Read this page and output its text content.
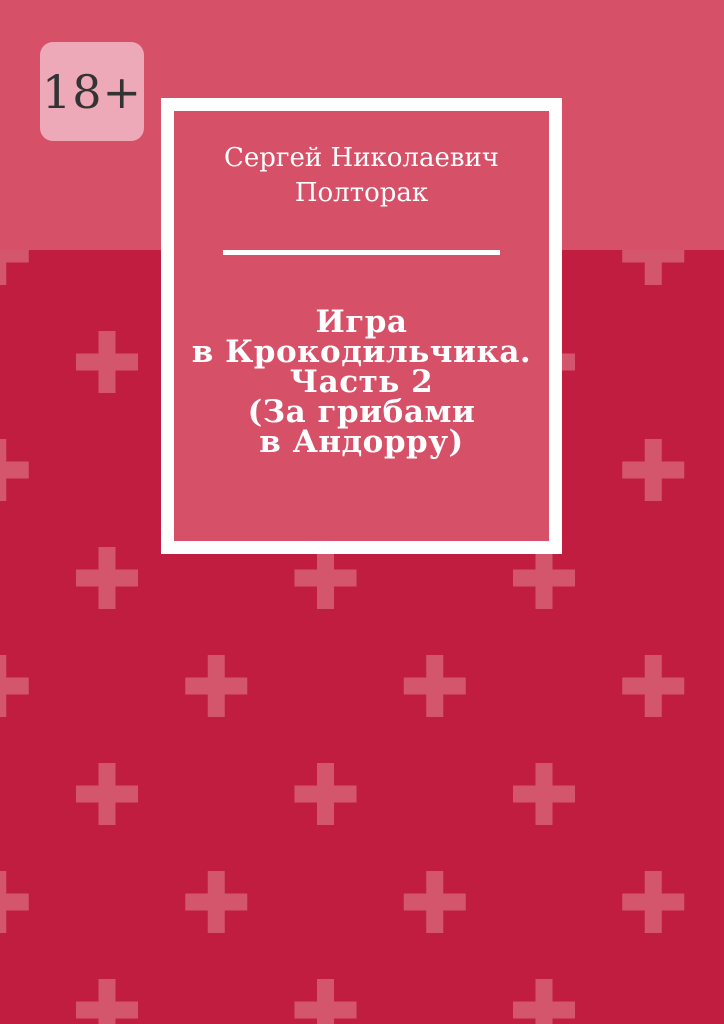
18+
Сергей Николаевич
Полторак
Игра
в Крокодильчика.
Часть 2
(За грибами
в Андорру)
